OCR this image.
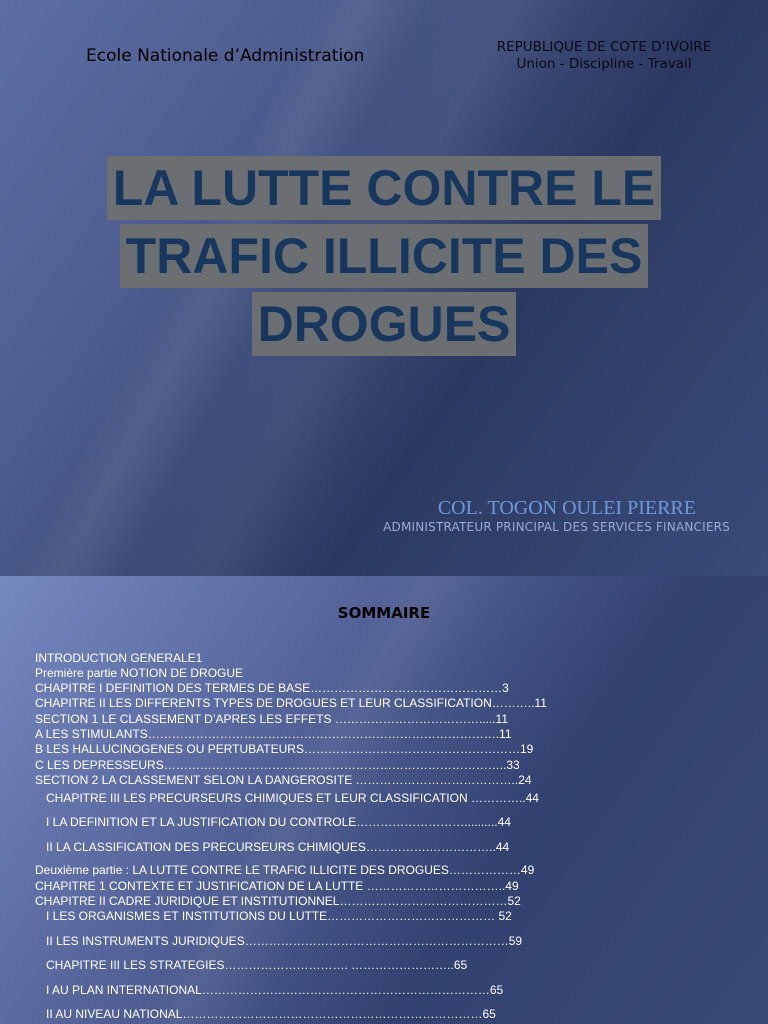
Ecole Nationale d’Administration	REPUBLIQUE DE COTE D’IVOIRE
Union - Discipline - Travail
LA LUTTE CONTRE LE
TRAFIC ILLICITE DES
DROGUES
COL. TOGON OULEI PIERRE
ADMINISTRATEUR PRINCIPAL DES SERVICES FINANCIERS
SOMMAIRE
INTRODUCTION GENERALE1
Première partie NOTION DE DROGUE
CHAPITRE I DEFINITION DES TERMES DE BASE…………………………………………3
CHAPITRE II LES DIFFERENTS TYPES DE DROGUES ET LEUR CLASSIFICATION………..11
SECTION 1 LE CLASSEMENT D’APRES LES EFFETS ……………………………….....11
A LES STIMULANTS…………………………………………………………………………….11
B LES HALLUCINOGENES OU PERTUBATEURS………………………………………………19
C LES DEPRESSEURS…………………………………………………………………………..33
SECTION 2 LA CLASSEMENT SELON LA DANGEROSITE …………………………………..24
CHAPITRE III LES PRECURSEURS CHIMIQUES ET LEUR CLASSIFICATION …………..44
I LA DEFINITION ET LA JUSTIFICATION DU CONTROLE………………………..........44
II LA CLASSIFICATION DES PRECURSEURS CHIMIQUES…………….……………..44
Deuxième partie : LA LUTTE CONTRE LE TRAFIC ILLICITE DES DROGUES………………49
CHAPITRE 1 CONTEXTE ET JUSTIFICATION DE LA LUTTE ……………………………..49
CHAPITRE II CADRE JURIDIQUE ET INSTITUTIONNEL……………………………………52
I LES ORGANISMES ET INSTITUTIONS DU LUTTE…………………………………… 52
II LES INSTRUMENTS JURIDIQUES…………………………………………………………59
CHAPITRE III LES STRATEGIES…………………………. ……………………..65
I AU PLAN INTERNATIONAL………………………………………………………………65
II AU NIVEAU NATIONAL…………………………………………………………………65
